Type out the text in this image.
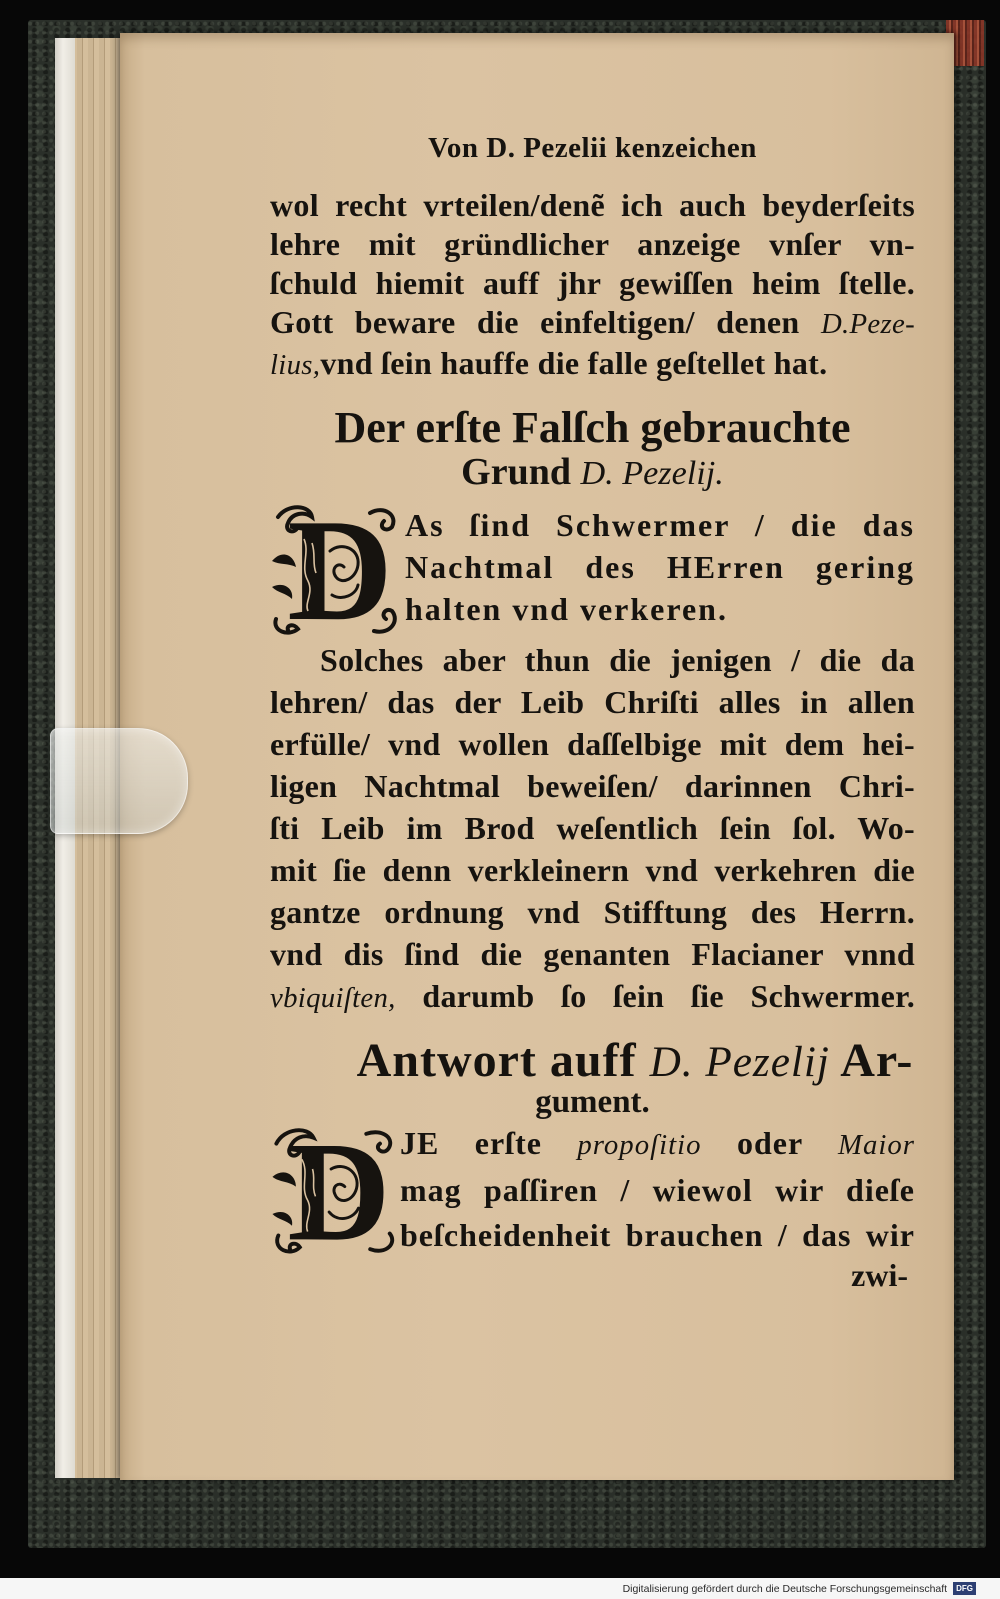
Von D. Pezelii kenzeichen
wol recht vrteilen/denẽ ich auch beyderſeits
lehre mit gründlicher anzeige vnſer vn-
ſchuld hiemit auff jhr gewiſſen heim ſtelle.
Gott beware die einfeltigen/ denen D.Peze-
lius,vnd ſein hauffe die falle geſtellet hat.
Der erſte Falſch gebrauchte
Grund D. Pezelij.
D As ſind Schwermer / die das
Nachtmal des HErren gering
halten vnd verkeren.
Solches aber thun die jenigen / die da
lehren/ das der Leib Chriſti alles in allen
erfülle/ vnd wollen daſſelbige mit dem hei-
ligen Nachtmal beweiſen/ darinnen Chri-
ſti Leib im Brod weſentlich ſein ſol. Wo-
mit ſie denn verkleinern vnd verkehren die
gantze ordnung vnd Stifftung des Herrn.
vnd dis ſind die genanten Flacianer vnnd
vbiquiſten, darumb ſo ſein ſie Schwermer.
Antwort auff D. Pezelij Ar-
gument.
D JE erſte propoſitio oder Maior
mag paſſiren / wiewol wir dieſe
beſcheidenheit brauchen / das wir
zwi-
Digitalisierung gefördert durch die Deutsche Forschungsgemeinschaft	DFG
